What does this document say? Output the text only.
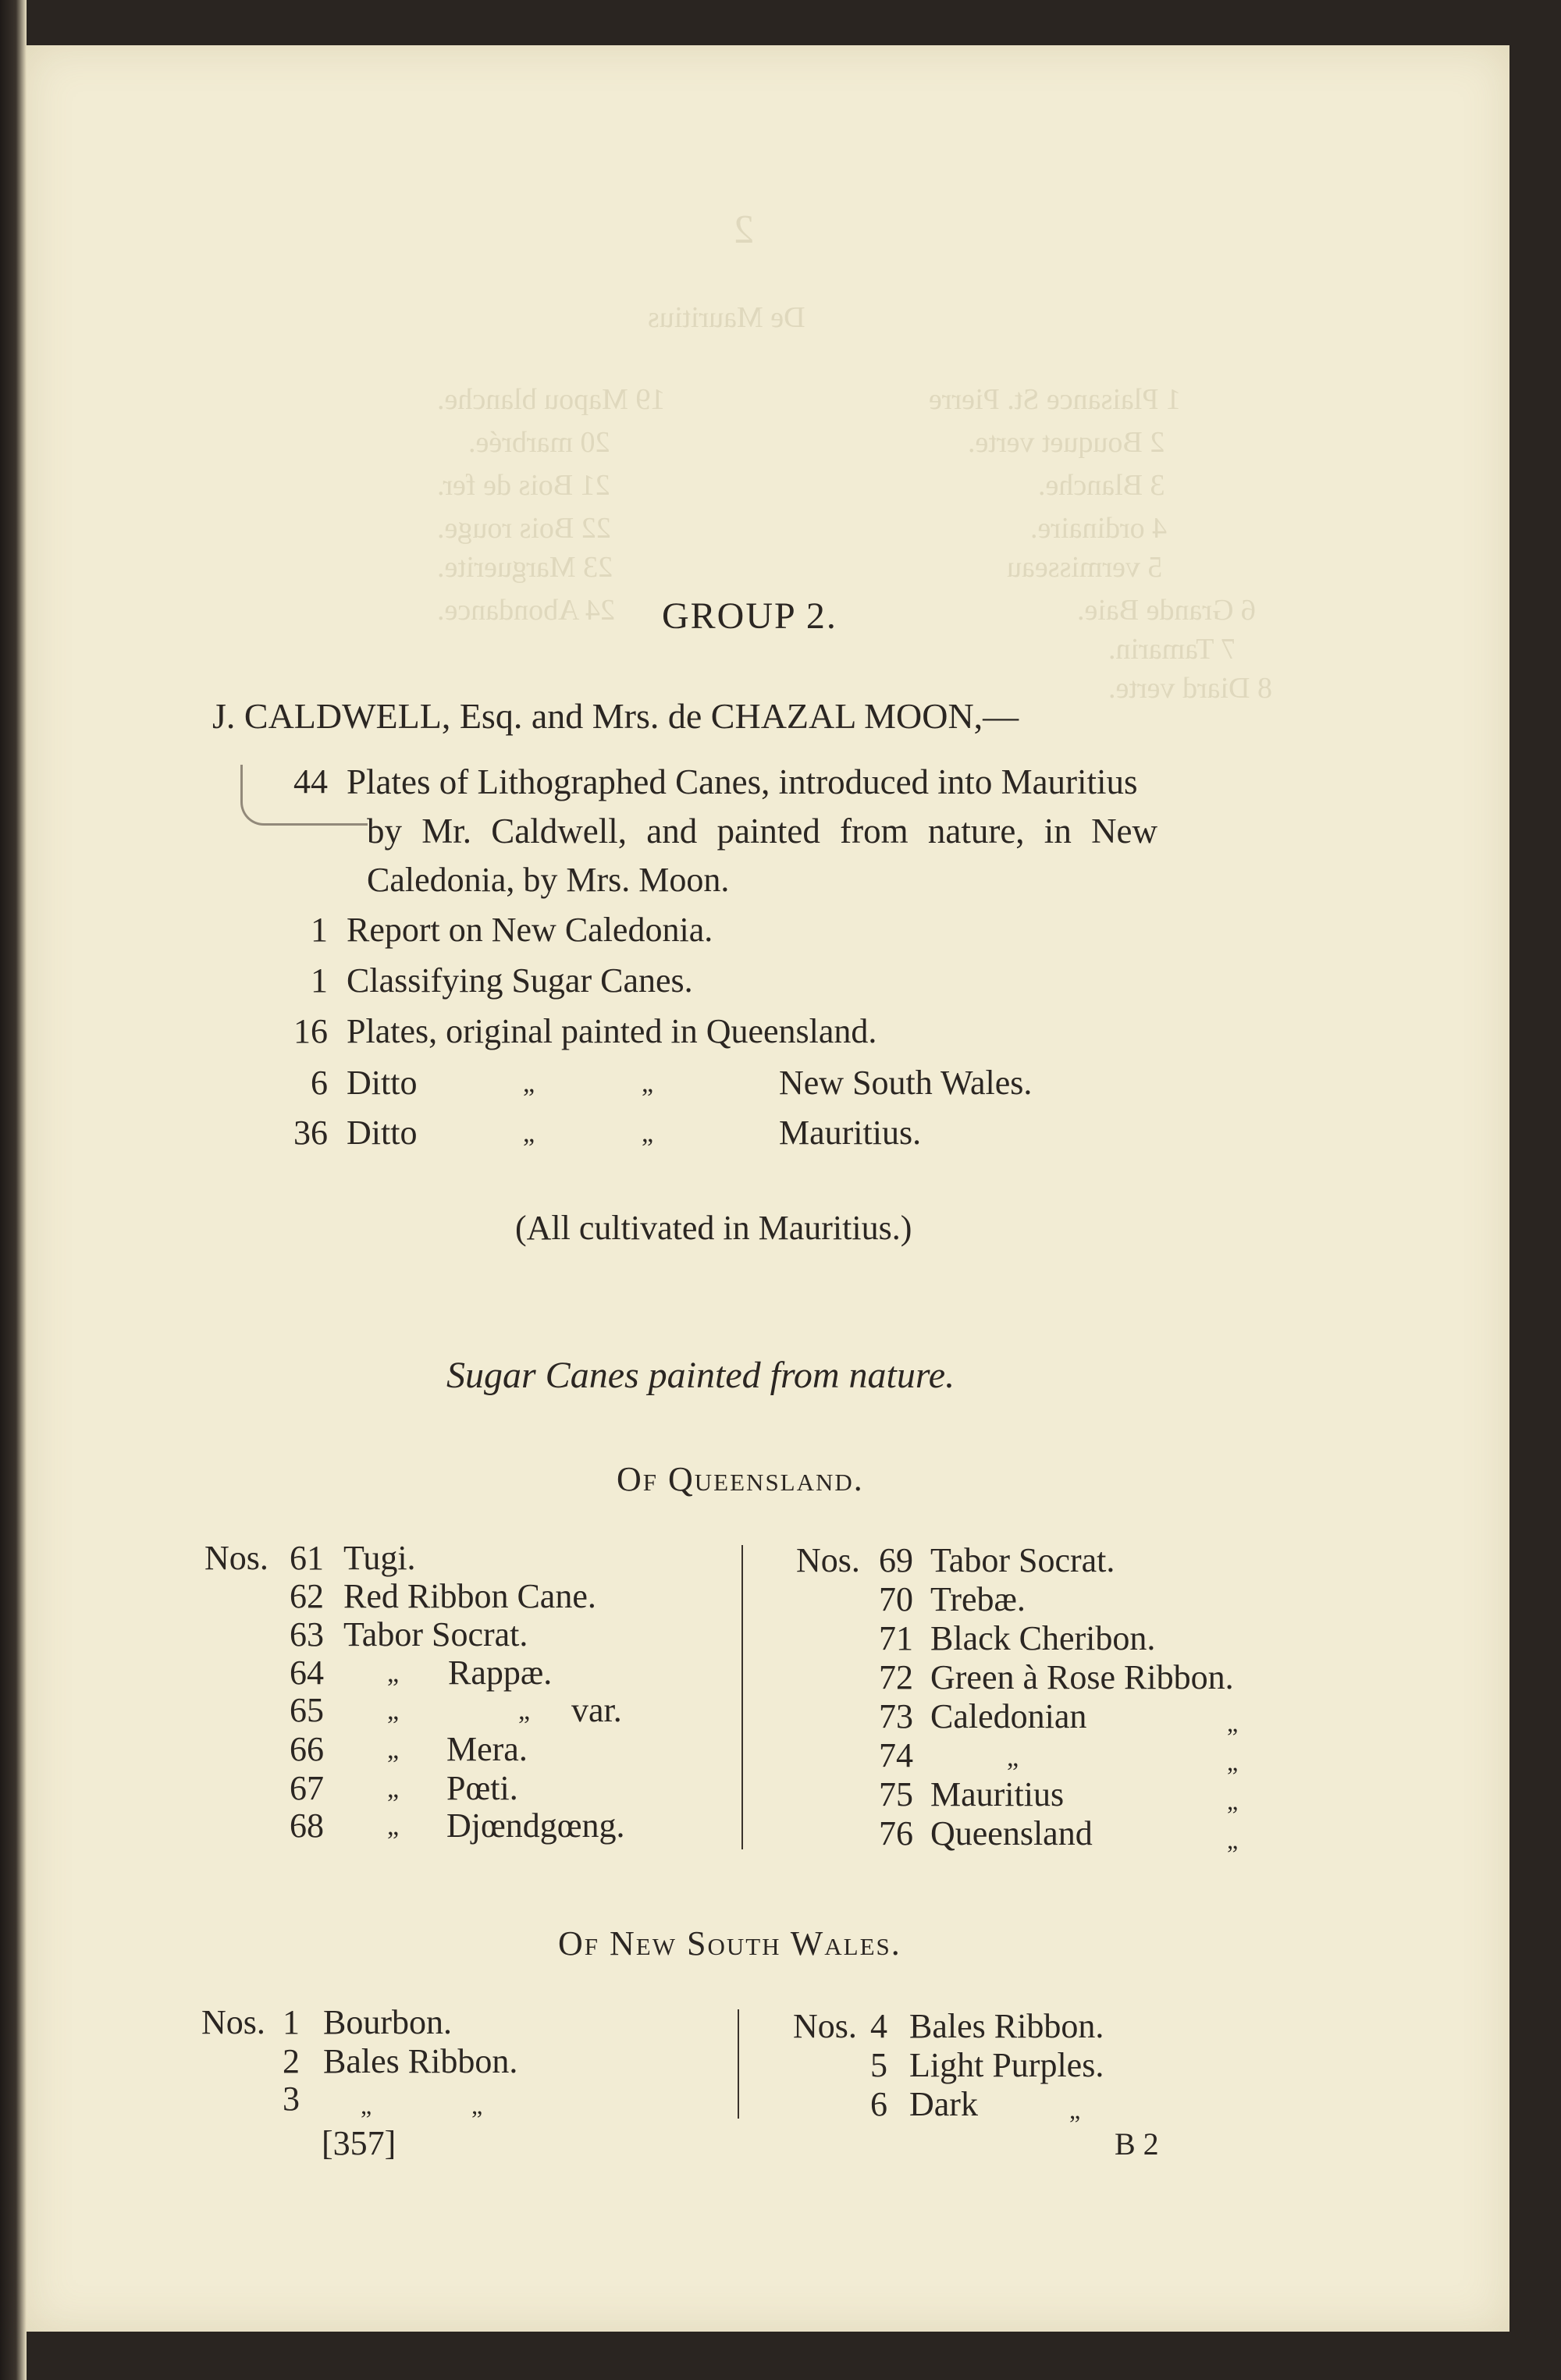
2
De Mauritius
1 Plaisance St. Pierre
2 Bouquet verte.
3 Blanche.
4 ordinaire.
5 vermisseau
6 Grande Baie.
7 Tamarin.
8 Diard verte.
19 Mapou blanche.
20 marbrée.
21 Bois de fer.
22 Bois rouge.
23 Marguerite.
24 Abondance. GROUP 2.
J. CALDWELL, Esq. and Mrs. de CHAZAL MOON,—
44 Plates of Lithographed Canes, introduced into Mauritius
by Mr. Caldwell, and painted from nature, in New
Caledonia, by Mrs. Moon.
1 Report on New Caledonia.
1 Classifying Sugar Canes.
16 Plates, original painted in Queensland.
6 Ditto	„	„	New South Wales.
36 Ditto	„	„	Mauritius.
(All cultivated in Mauritius.)
Sugar Canes painted from nature.
Of Queensland.
Nos. 61 Tugi.
62 Red Ribbon Cane.
63 Tabor Socrat.
64 „ Rappæ.
65 „	„ var.
66 „ Mera.
67 „ Pœti.
68 „ Djœndgœng.
Nos. 69 Tabor Socrat.
70 Trebæ.
71 Black Cheribon.
72 Green à Rose Ribbon.
73 Caledonian	„
74	„	„
75 Mauritius	„
76 Queensland	„
Of New South Wales.
Nos. 1 Bourbon.
2 Bales Ribbon.
3 „	„
Nos. 4 Bales Ribbon.
5 Light Purples.
6 Dark	„
[357]	B 2
